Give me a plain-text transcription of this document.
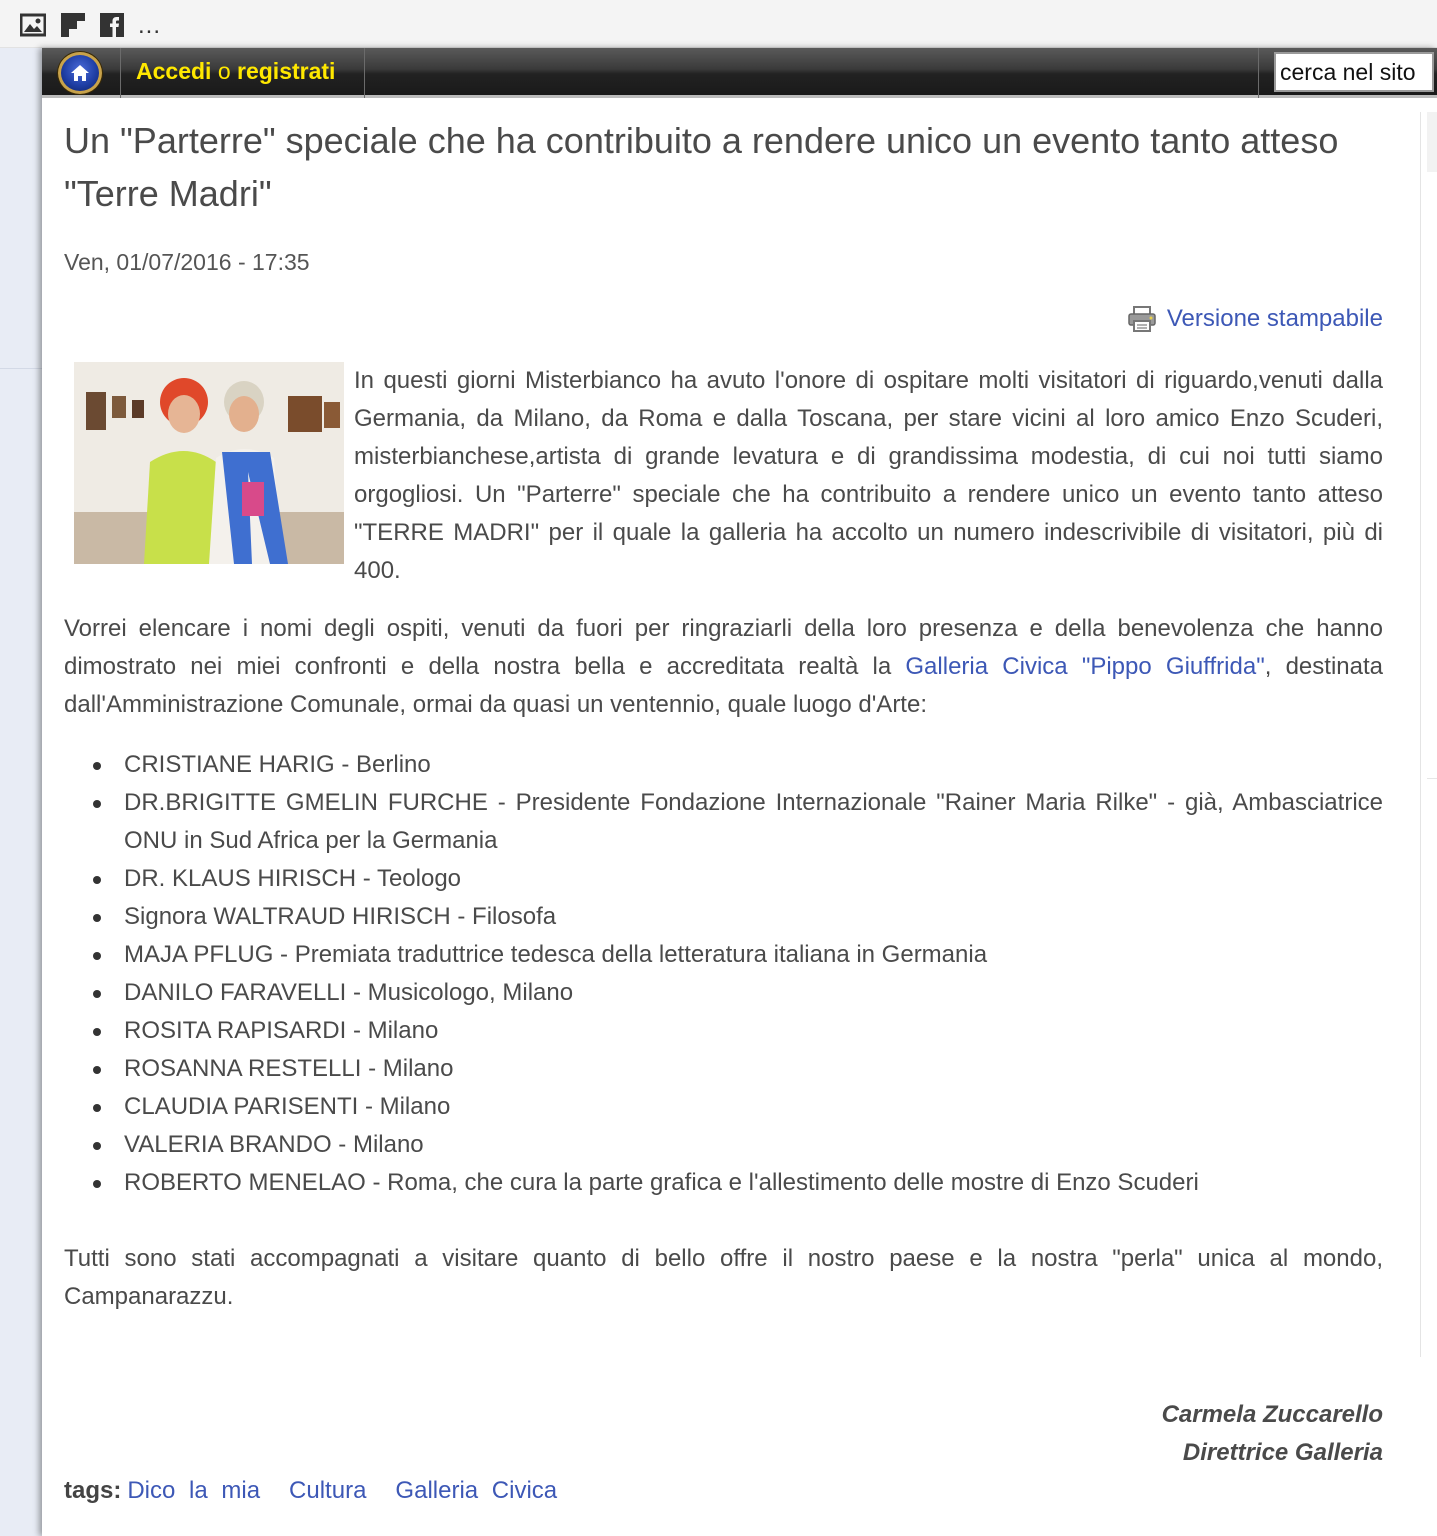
...
Accedi o registrati
cerca nel sito
Un "Parterre" speciale che ha contribuito a rendere unico un evento tanto atteso "Terre Madri"
Ven, 01/07/2016 - 17:35
Versione stampabile

In questi giorni Misterbianco ha avuto l'onore di ospitare molti visitatori di riguardo,venuti dalla Germania, da Milano, da Roma e dalla Toscana, per stare vicini al loro amico Enzo Scuderi, misterbianchese,artista di grande levatura e di grandissima modestia, di cui noi tutti siamo orgogliosi. Un "Parterre" speciale che ha contribuito a rendere unico un evento tanto atteso "TERRE MADRI" per il quale la galleria ha accolto un numero indescrivibile di visitatori, più di 400.

Vorrei elencare i nomi degli ospiti, venuti da fuori per ringraziarli della loro presenza e della benevolenza che hanno dimostrato nei miei confronti e della nostra bella e accreditata realtà la Galleria Civica "Pippo Giuffrida", destinata dall'Amministrazione Comunale, ormai da quasi un ventennio, quale luogo d'Arte:

CRISTIANE HARIG - Berlino
DR.BRIGITTE GMELIN FURCHE - Presidente Fondazione Internazionale "Rainer Maria Rilke" - già, Ambasciatrice ONU in Sud Africa per la Germania
DR. KLAUS HIRISCH - Teologo
Signora WALTRAUD HIRISCH - Filosofa
MAJA PFLUG - Premiata traduttrice tedesca della letteratura italiana in Germania
DANILO FARAVELLI - Musicologo, Milano
ROSITA RAPISARDI - Milano
ROSANNA RESTELLI - Milano
CLAUDIA PARISENTI - Milano
VALERIA BRANDO - Milano
ROBERTO MENELAO - Roma, che cura la parte grafica e l'allestimento delle mostre di Enzo Scuderi

Tutti sono stati accompagnati a visitare quanto di bello offre il nostro paese e la nostra "perla" unica al mondo, Campanarazzu.

Carmela Zuccarello
Direttrice Galleria
tags: Dico la mia Cultura Galleria Civica
